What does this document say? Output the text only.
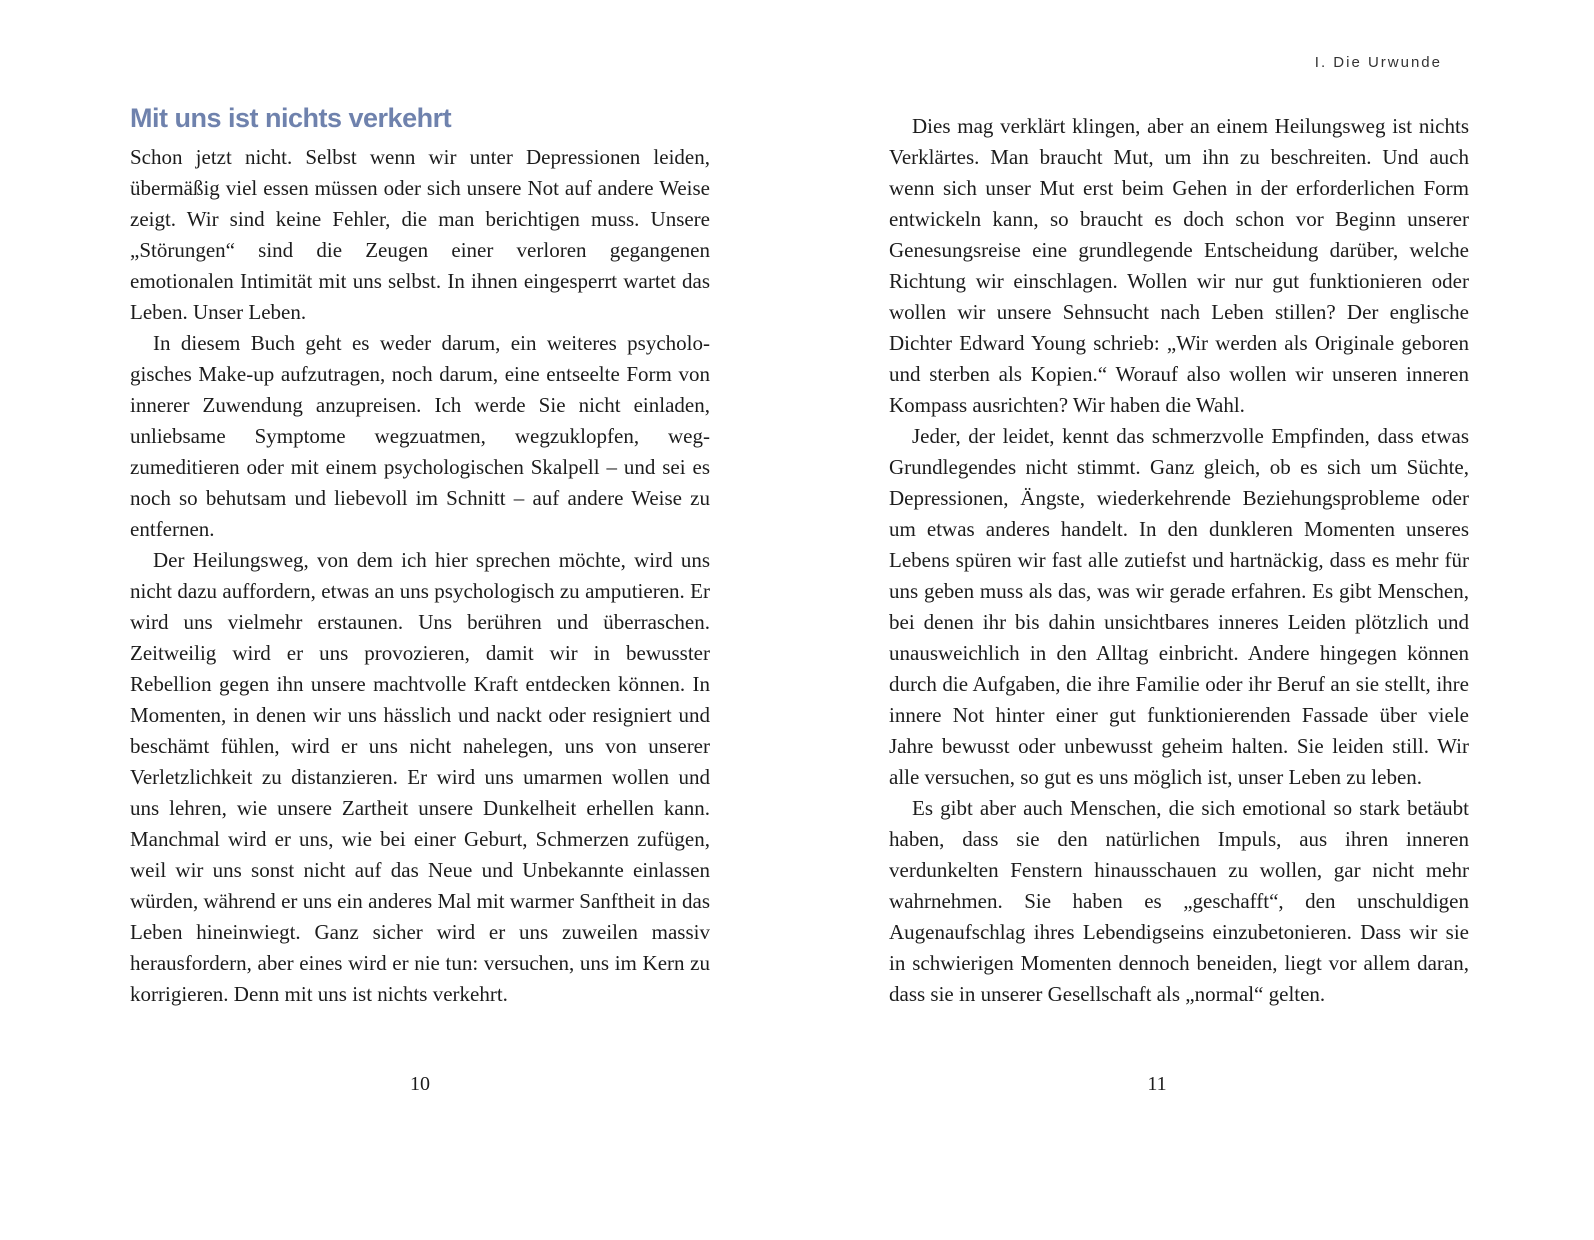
Mit uns ist nichts verkehrt

Schon jetzt nicht. Selbst wenn wir unter Depressionen leiden, übermäßig viel essen müssen oder sich unsere Not auf andere Weise zeigt. Wir sind keine Fehler, die man berichtigen muss. Unsere „Störungen“ sind die Zeugen einer verloren gegangenen emotionalen Intimität mit uns selbst. In ihnen eingesperrt wartet das Leben. Unser Leben.

In diesem Buch geht es weder darum, ein weiteres psychologisches Make-up aufzutragen, noch darum, eine entseelte Form von innerer Zuwendung anzupreisen. Ich werde Sie nicht einladen, unliebsame Symptome wegzuatmen, wegzuklopfen, wegzumeditieren oder mit einem psychologischen Skalpell – und sei es noch so behutsam und liebevoll im Schnitt – auf andere Weise zu entfernen.

Der Heilungsweg, von dem ich hier sprechen möchte, wird uns nicht dazu auffordern, etwas an uns psychologisch zu amputieren. Er wird uns vielmehr erstaunen. Uns berühren und überraschen. Zeitweilig wird er uns provozieren, damit wir in bewusster Rebellion gegen ihn unsere machtvolle Kraft entdecken können. In Momenten, in denen wir uns hässlich und nackt oder resigniert und beschämt fühlen, wird er uns nicht nahelegen, uns von unserer Verletzlichkeit zu distanzieren. Er wird uns umarmen wollen und uns lehren, wie unsere Zartheit unsere Dunkelheit erhellen kann. Manchmal wird er uns, wie bei einer Geburt, Schmerzen zufügen, weil wir uns sonst nicht auf das Neue und Unbekannte einlassen würden, während er uns ein anderes Mal mit warmer Sanftheit in das Leben hineinwiegt. Ganz sicher wird er uns zuweilen massiv herausfordern, aber eines wird er nie tun: versuchen, uns im Kern zu korrigieren. Denn mit uns ist nichts verkehrt.

10
I. Die Urwunde

Dies mag verklärt klingen, aber an einem Heilungsweg ist nichts Verklärtes. Man braucht Mut, um ihn zu beschreiten. Und auch wenn sich unser Mut erst beim Gehen in der erforderlichen Form entwickeln kann, so braucht es doch schon vor Beginn unserer Genesungsreise eine grundlegende Entscheidung darüber, welche Richtung wir einschlagen. Wollen wir nur gut funktionieren oder wollen wir unsere Sehnsucht nach Leben stillen? Der englische Dichter Edward Young schrieb: „Wir werden als Originale geboren und sterben als Kopien.“ Worauf also wollen wir unseren inneren Kompass ausrichten? Wir haben die Wahl.

Jeder, der leidet, kennt das schmerzvolle Empfinden, dass etwas Grundlegendes nicht stimmt. Ganz gleich, ob es sich um Süchte, Depressionen, Ängste, wiederkehrende Beziehungsprobleme oder um etwas anderes handelt. In den dunkleren Momenten unseres Lebens spüren wir fast alle zutiefst und hartnäckig, dass es mehr für uns geben muss als das, was wir gerade erfahren. Es gibt Menschen, bei denen ihr bis dahin unsichtbares inneres Leiden plötzlich und unausweichlich in den Alltag einbricht. Andere hingegen können durch die Aufgaben, die ihre Familie oder ihr Beruf an sie stellt, ihre innere Not hinter einer gut funktionierenden Fassade über viele Jahre bewusst oder unbewusst geheim halten. Sie leiden still. Wir alle versuchen, so gut es uns möglich ist, unser Leben zu leben.

Es gibt aber auch Menschen, die sich emotional so stark betäubt haben, dass sie den natürlichen Impuls, aus ihren inneren verdunkelten Fenstern hinausschauen zu wollen, gar nicht mehr wahrnehmen. Sie haben es „geschafft“, den unschuldigen Augenaufschlag ihres Lebendigseins einzubetonieren. Dass wir sie in schwierigen Momenten dennoch beneiden, liegt vor allem daran, dass sie in unserer Gesellschaft als „normal“ gelten.

11
